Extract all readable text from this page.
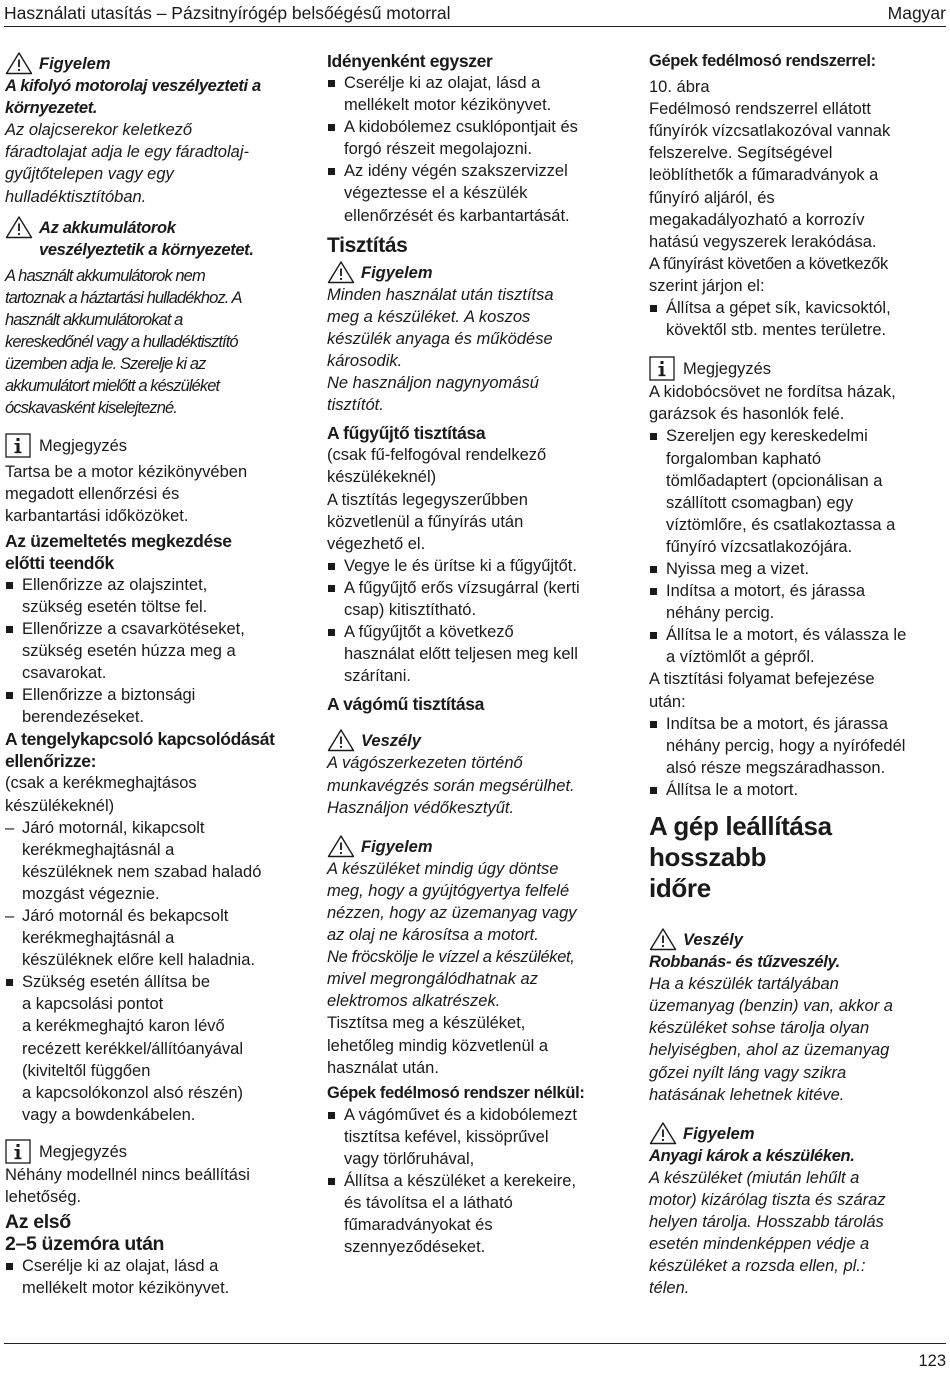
Használati utasítás – Pázsitnyírógép belsőégésű motorral	Magyar
Figyelem
A kifolyó motorolaj veszélyezteti a
környezetet.
Az olajcserekor keletkező
fáradtolajat adja le egy fáradtolaj-
gyűjtőtelepen vagy egy
hulladéktisztítóban.
Az akkumulátorok
veszélyeztetik a környezetet.
A használt akkumulátorok nem
tartoznak a háztartási hulladékhoz. A
használt akkumulátorokat a
kereskedőnél vagy a hulladéktisztító
üzemben adja le. Szerelje ki az
akkumulátort mielőtt a készüléket
ócskavasként kiselejtezné.
Megjegyzés
Tartsa be a motor kézikönyvében
megadott ellenőrzési és
karbantartási időközöket.
Az üzemeltetés megkezdése
előtti teendők
Ellenőrizze az olajszintet,
szükség esetén töltse fel.
Ellenőrizze a csavarkötéseket,
szükség esetén húzza meg a
csavarokat.
Ellenőrizze a biztonsági
berendezéseket.
A tengelykapcsoló kapcsolódását
ellenőrizze:
(csak a kerékmeghajtásos
készülékeknél)
– Járó motornál, kikapcsolt
kerékmeghajtásnál a
készüléknek nem szabad haladó
mozgást végeznie.
– Járó motornál és bekapcsolt
kerékmeghajtásnál a
készüléknek előre kell haladnia.
Szükség esetén állítsa be
a kapcsolási pontot
a kerékmeghajtó karon lévő
recézett kerékkel/állítóanyával
(kiviteltől függően
a kapcsolókonzol alsó részén)
vagy a bowdenkábelen.
Megjegyzés
Néhány modellnél nincs beállítási
lehetőség.
Az első
2–5 üzemóra után
Cserélje ki az olajat, lásd a
mellékelt motor kézikönyvet.
Idényenként egyszer
Cserélje ki az olajat, lásd a
mellékelt motor kézikönyvet.
A kidobólemez csuklópontjait és
forgó részeit megolajozni.
Az idény végén szakszervizzel
végeztesse el a készülék
ellenőrzését és karbantartását.
Tisztítás
Figyelem
Minden használat után tisztítsa
meg a készüléket. A koszos
készülék anyaga és működése
károsodik.
Ne használjon nagynyomású
tisztítót.
A fűgyűjtő tisztítása
(csak fű-felfogóval rendelkező
készülékeknél)
A tisztítás legegyszerűbben
közvetlenül a fűnyírás után
végezhető el.
Vegye le és ürítse ki a fűgyűjtőt.
A fűgyűjtő erős vízsugárral (kerti
csap) kitisztítható.
A fűgyűjtőt a következő
használat előtt teljesen meg kell
szárítani.
A vágómű tisztítása
Veszély
A vágószerkezeten történő
munkavégzés során megsérülhet.
Használjon védőkesztyűt.
Figyelem
A készüléket mindig úgy döntse
meg, hogy a gyújtógyertya felfelé
nézzen, hogy az üzemanyag vagy
az olaj ne károsítsa a motort.
Ne fröcskölje le vízzel a készüléket,
mivel megrongálódhatnak az
elektromos alkatrészek.
Tisztítsa meg a készüléket,
lehetőleg mindig közvetlenül a
használat után.
Gépek fedélmosó rendszer nélkül:
A vágóművet és a kidobólemezt
tisztítsa kefével, kissöprűvel
vagy törlőruhával,
Állítsa a készüléket a kerekeire,
és távolítsa el a látható
fűmaradványokat és
szennyeződéseket.
Gépek fedélmosó rendszerrel:
10. ábra
Fedélmosó rendszerrel ellátott
fűnyírók vízcsatlakozóval vannak
felszerelve. Segítségével
leöblíthetők a fűmaradványok a
fűnyíró aljáról, és
megakadályozható a korrozív
hatású vegyszerek lerakódása.
A fűnyírást követően a következők
szerint járjon el:
Állítsa a gépet sík, kavicsoktól,
kövektől stb. mentes területre.
Megjegyzés
A kidobócsövet ne fordítsa házak,
garázsok és hasonlók felé.
Szereljen egy kereskedelmi
forgalomban kapható
tömlőadaptert (opcionálisan a
szállított csomagban) egy
víztömlőre, és csatlakoztassa a
fűnyíró vízcsatlakozójára.
Nyissa meg a vizet.
Indítsa a motort, és járassa
néhány percig.
Állítsa le a motort, és válassza le
a víztömlőt a gépről.
A tisztítási folyamat befejezése
után:
Indítsa be a motort, és járassa
néhány percig, hogy a nyírófedél
alsó része megszáradhasson.
Állítsa le a motort.
A gép leállítása hosszabb
időre
Veszély
Robbanás- és tűzveszély.
Ha a készülék tartályában
üzemanyag (benzin) van, akkor a
készüléket sohse tárolja olyan
helyiségben, ahol az üzemanyag
gőzei nyílt láng vagy szikra
hatásának lehetnek kitéve.
Figyelem
Anyagi károk a készüléken.
A készüléket (miután lehűlt a
motor) kizárólag tiszta és száraz
helyen tárolja. Hosszabb tárolás
esetén mindenképpen védje a
készüléket a rozsda ellen, pl.:
télen.
123
